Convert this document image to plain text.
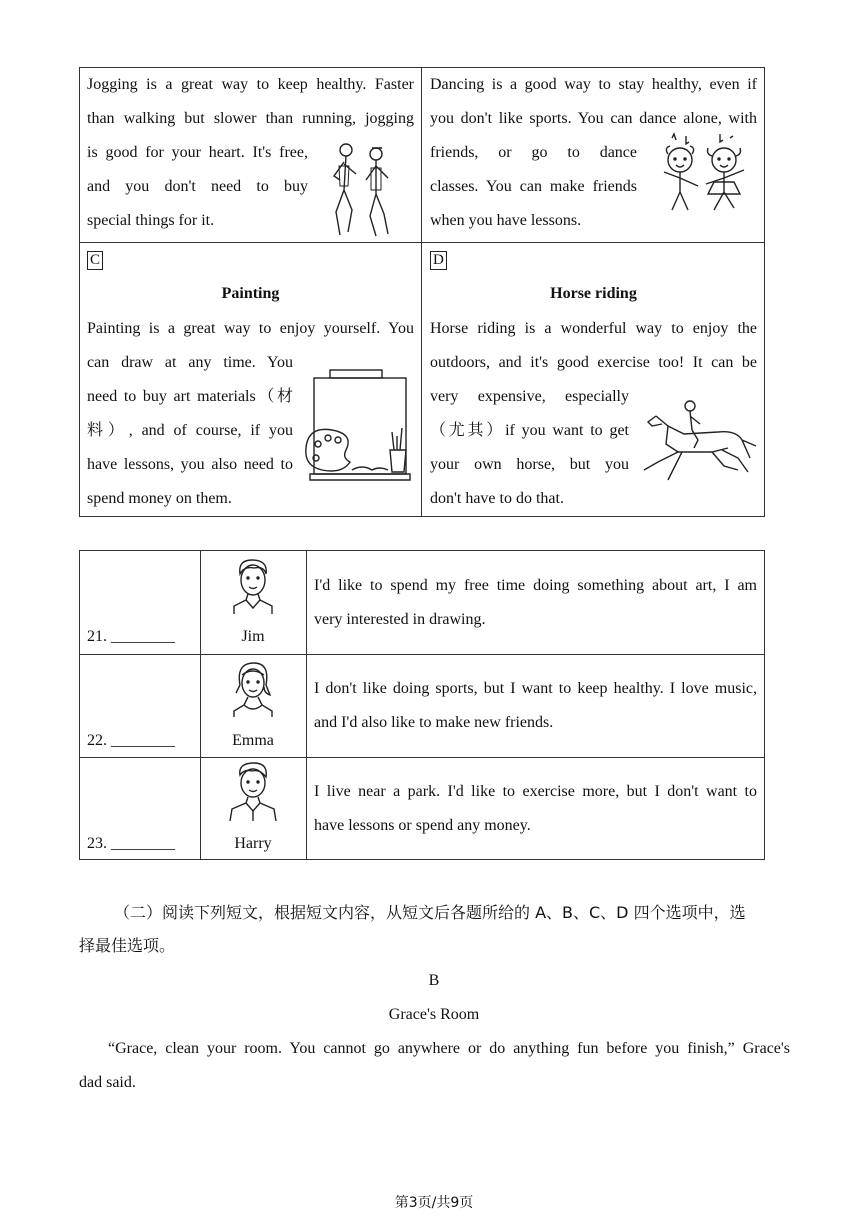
Jogging is a great way to keep healthy. Faster
than walking but slower than running, jogging
is good for your heart. It's free,
and you don't need to buy
special things for it.
Dancing is a good way to stay healthy, even if
you don't like sports. You can dance alone, with
friends, or go to dance
classes. You can make friends
when you have lessons.
C
Painting
Painting is a great way to enjoy yourself. You
can draw at any time. You
need to buy art materials（材
料）, and of course, if you
have lessons, you also need to
spend money on them.
D
Horse riding
Horse riding is a wonderful way to enjoy the
outdoors, and it's good exercise too! It can be
very expensive, especially
（尤其）if you want to get
your own horse, but you
don't have to do that.
21. ________	Jim
I'd like to spend my free time doing something about art, I am
very interested in drawing.
22. ________	Emma
I don't like doing sports, but I want to keep healthy. I love music,
and I'd also like to make new friends.
23. ________	Harry
I live near a park. I'd like to exercise more, but I don't want to
have lessons or spend any money.
（二）阅读下列短文，根据短文内容，从短文后各题所给的 A、B、C、D 四个选项中，选
择最佳选项。
B
Grace's Room
“Grace, clean your room. You cannot go anywhere or do anything fun before you finish,” Grace's
dad said.
第3页/共9页
